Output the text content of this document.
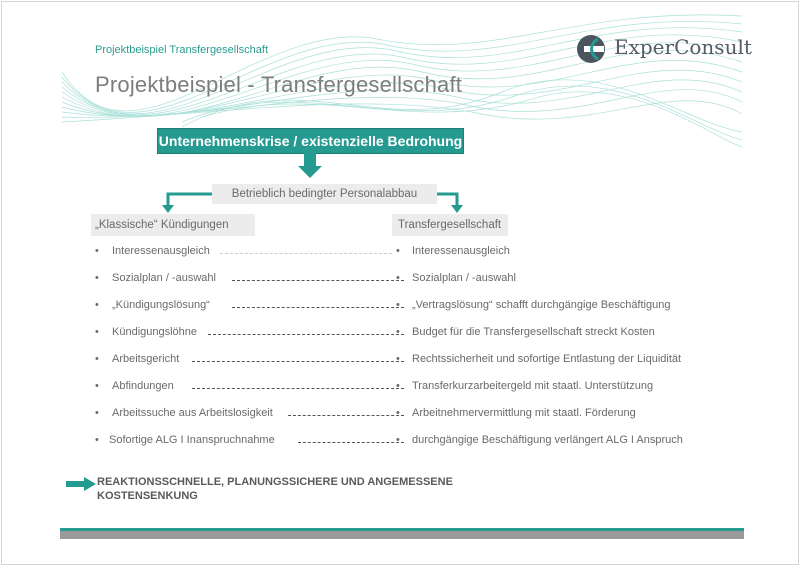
Projektbeispiel Transfergesellschaft
Projektbeispiel - Transfergesellschaft
ExperConsult
Unternehmenskrise / existenzielle Bedrohung
Betrieblich bedingter Personalabbau
„Klassische“ Kündigungen	Transfergesellschaft
• Interessenausgleich	• Interessenausgleich
• Sozialplan / -auswahl	• Sozialplan / -auswahl
• „Kündigungslösung“	• „Vertragslösung“ schafft durchgängige Beschäftigung
• Kündigungslöhne	• Budget für die Transfergesellschaft streckt Kosten
• Arbeitsgericht	• Rechtssicherheit und sofortige Entlastung der Liquidität
• Abfindungen	• Transferkurzarbeitergeld mit staatl. Unterstützung
• Arbeitssuche aus Arbeitslosigkeit	• Arbeitnehmervermittlung mit staatl. Förderung
• Sofortige ALG I Inanspruchnahme	• durchgängige Beschäftigung verlängert ALG I Anspruch
REAKTIONSSCHNELLE, PLANUNGSSICHERE UND ANGEMESSENE KOSTENSENKUNG
